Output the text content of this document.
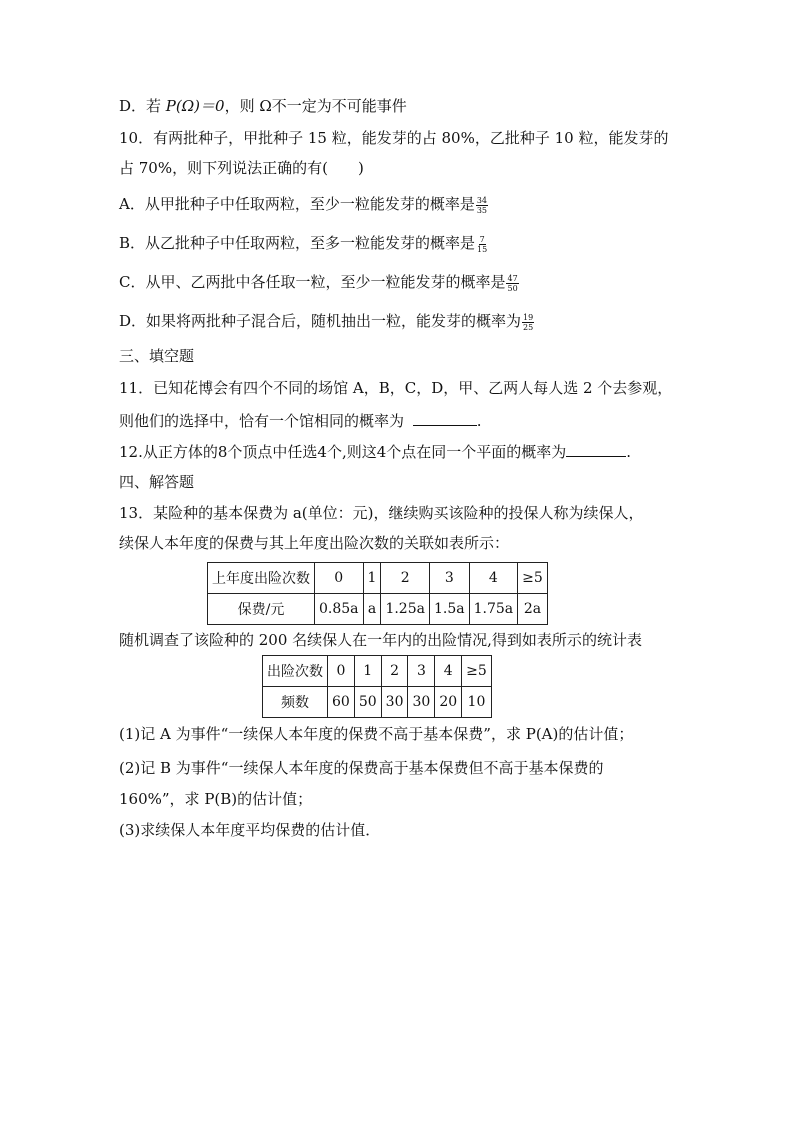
D．若 P(Ω)＝0，则 Ω不一定为不可能事件
10．有两批种子，甲批种子 15 粒，能发芽的占 80%，乙批种子 10 粒，能发芽的
占 70%，则下列说法正确的有(　　)
A．从甲批种子中任取两粒，至少一粒能发芽的概率是 $\frac{34}{35}$
B．从乙批种子中任取两粒，至多一粒能发芽的概率是 $\frac{7}{15}$
C．从甲、乙两批中各任取一粒，至少一粒能发芽的概率是 $\frac{47}{50}$
D．如果将两批种子混合后，随机抽出一粒，能发芽的概率为 $\frac{19}{25}$
三、填空题
11．已知花博会有四个不同的场馆 A，B，C，D，甲、乙两人每人选 2 个去参观，
则他们的选择中，恰有一个馆相同的概率为	.
12.从正方体的8个顶点中任选4个,则这4个点在同一个平面的概率为	.
四、解答题
13．某险种的基本保费为 a(单位：元)，继续购买该险种的投保人称为续保人，
续保人本年度的保费与其上年度出险次数的关联如表所示：
上年度出险次数	0	1	2	3	4	≥5
保费/元	0.85a	a	1.25a	1.5a	1.75a	2a
随机调查了该险种的 200 名续保人在一年内的出险情况,得到如表所示的统计表
出险次数	0	1	2	3	4	≥5
频数	60	50	30	30	20	10
(1)记 A 为事件“一续保人本年度的保费不高于基本保费”，求 P(A)的估计值；
(2)记 B 为事件“一续保人本年度的保费高于基本保费但不高于基本保费的
160%”，求 P(B)的估计值；
(3)求续保人本年度平均保费的估计值．
